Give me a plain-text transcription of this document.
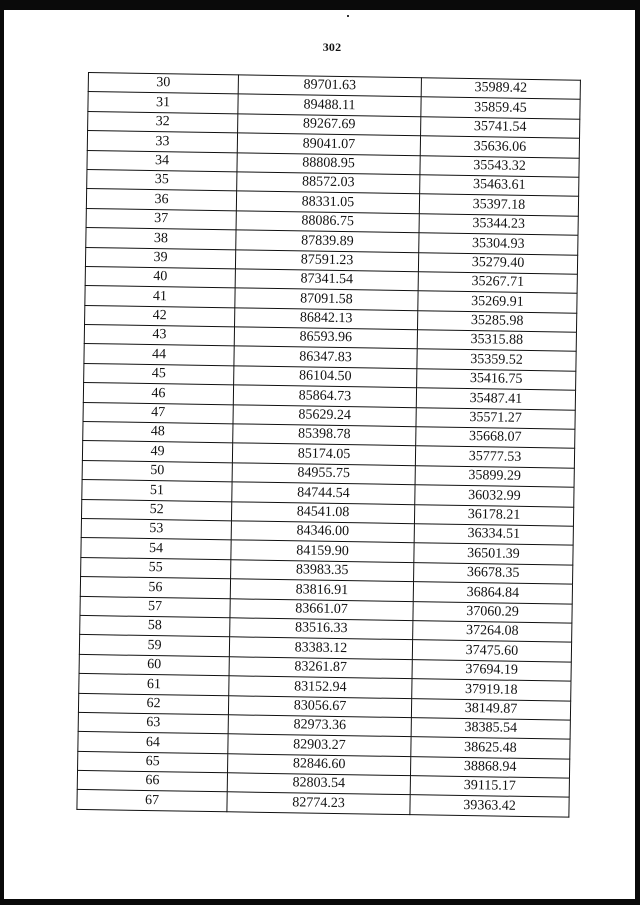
302
30	89701.63	35989.42
31	89488.11	35859.45
32	89267.69	35741.54
33	89041.07	35636.06
34	88808.95	35543.32
35	88572.03	35463.61
36	88331.05	35397.18
37	88086.75	35344.23
38	87839.89	35304.93
39	87591.23	35279.40
40	87341.54	35267.71
41	87091.58	35269.91
42	86842.13	35285.98
43	86593.96	35315.88
44	86347.83	35359.52
45	86104.50	35416.75
46	85864.73	35487.41
47	85629.24	35571.27
48	85398.78	35668.07
49	85174.05	35777.53
50	84955.75	35899.29
51	84744.54	36032.99
52	84541.08	36178.21
53	84346.00	36334.51
54	84159.90	36501.39
55	83983.35	36678.35
56	83816.91	36864.84
57	83661.07	37060.29
58	83516.33	37264.08
59	83383.12	37475.60
60	83261.87	37694.19
61	83152.94	37919.18
62	83056.67	38149.87
63	82973.36	38385.54
64	82903.27	38625.48
65	82846.60	38868.94
66	82803.54	39115.17
67	82774.23	39363.42
